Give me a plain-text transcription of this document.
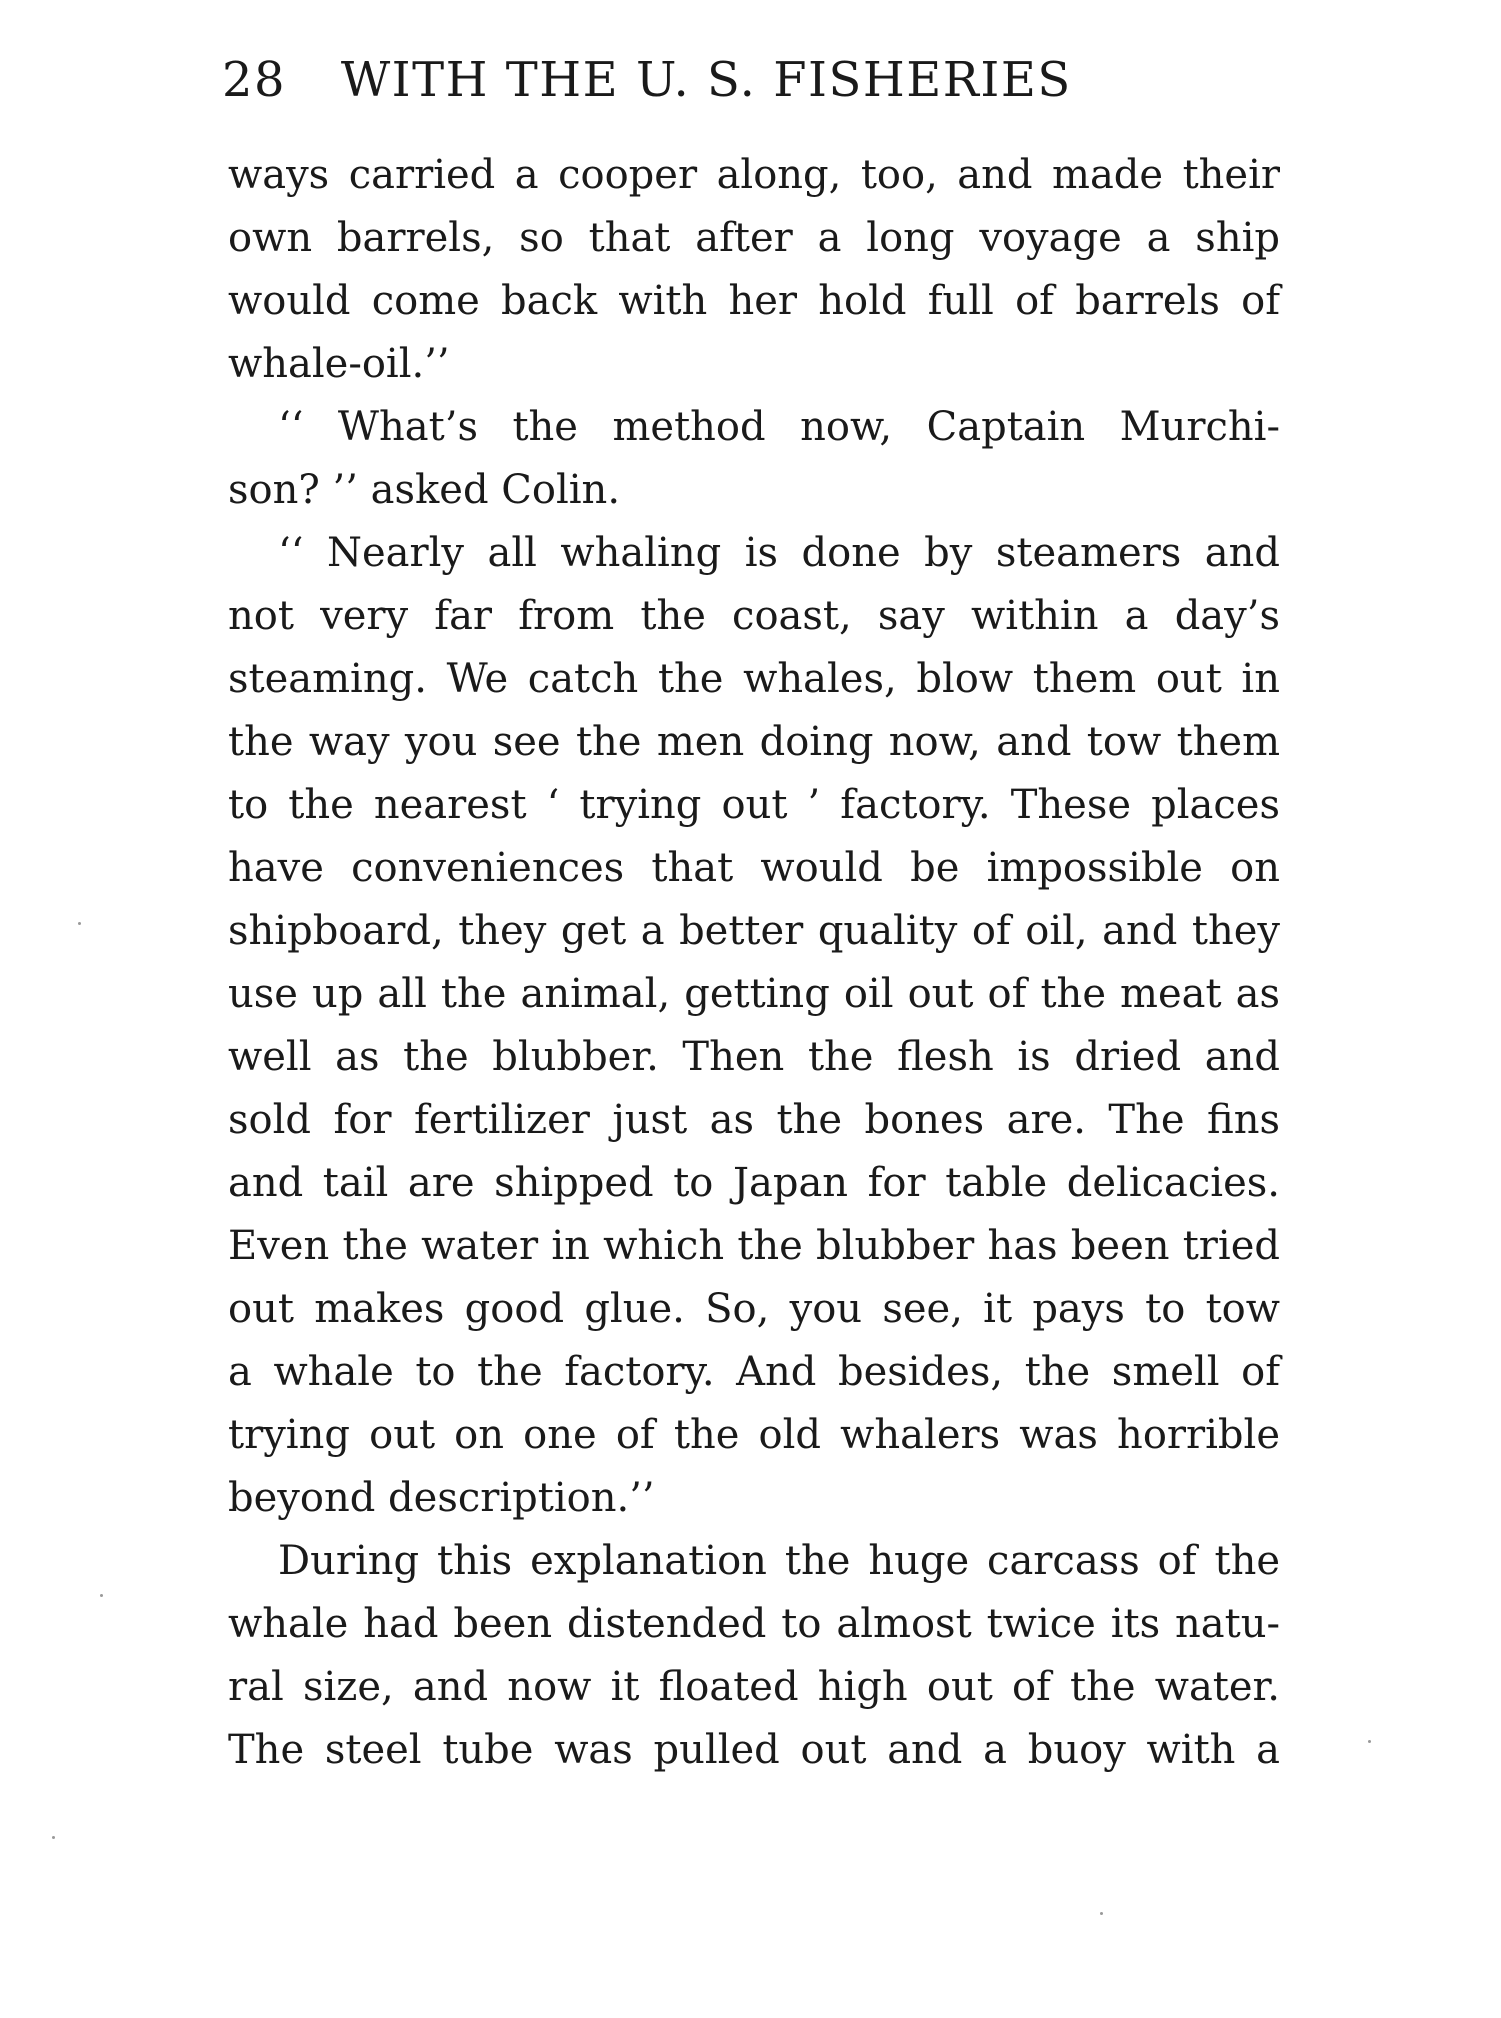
28 WITH THE U. S. FISHERIES
ways carried a cooper along, too, and made their
own barrels, so that after a long voyage a ship
would come back with her hold full of barrels of
whale-oil.’’
‘‘ What’s the method now, Captain Murchi-
son? ’’ asked Colin.
‘‘ Nearly all whaling is done by steamers and
not very far from the coast, say within a day’s
steaming. We catch the whales, blow them out in
the way you see the men doing now, and tow them
to the nearest ‘ trying out ’ factory. These places
have conveniences that would be impossible on
shipboard, they get a better quality of oil, and they
use up all the animal, getting oil out of the meat as
well as the blubber. Then the flesh is dried and
sold for fertilizer just as the bones are. The fins
and tail are shipped to Japan for table delicacies.
Even the water in which the blubber has been tried
out makes good glue. So, you see, it pays to tow
a whale to the factory. And besides, the smell of
trying out on one of the old whalers was horrible
beyond description.’’
During this explanation the huge carcass of the
whale had been distended to almost twice its natu-
ral size, and now it floated high out of the water.
The steel tube was pulled out and a buoy with a
